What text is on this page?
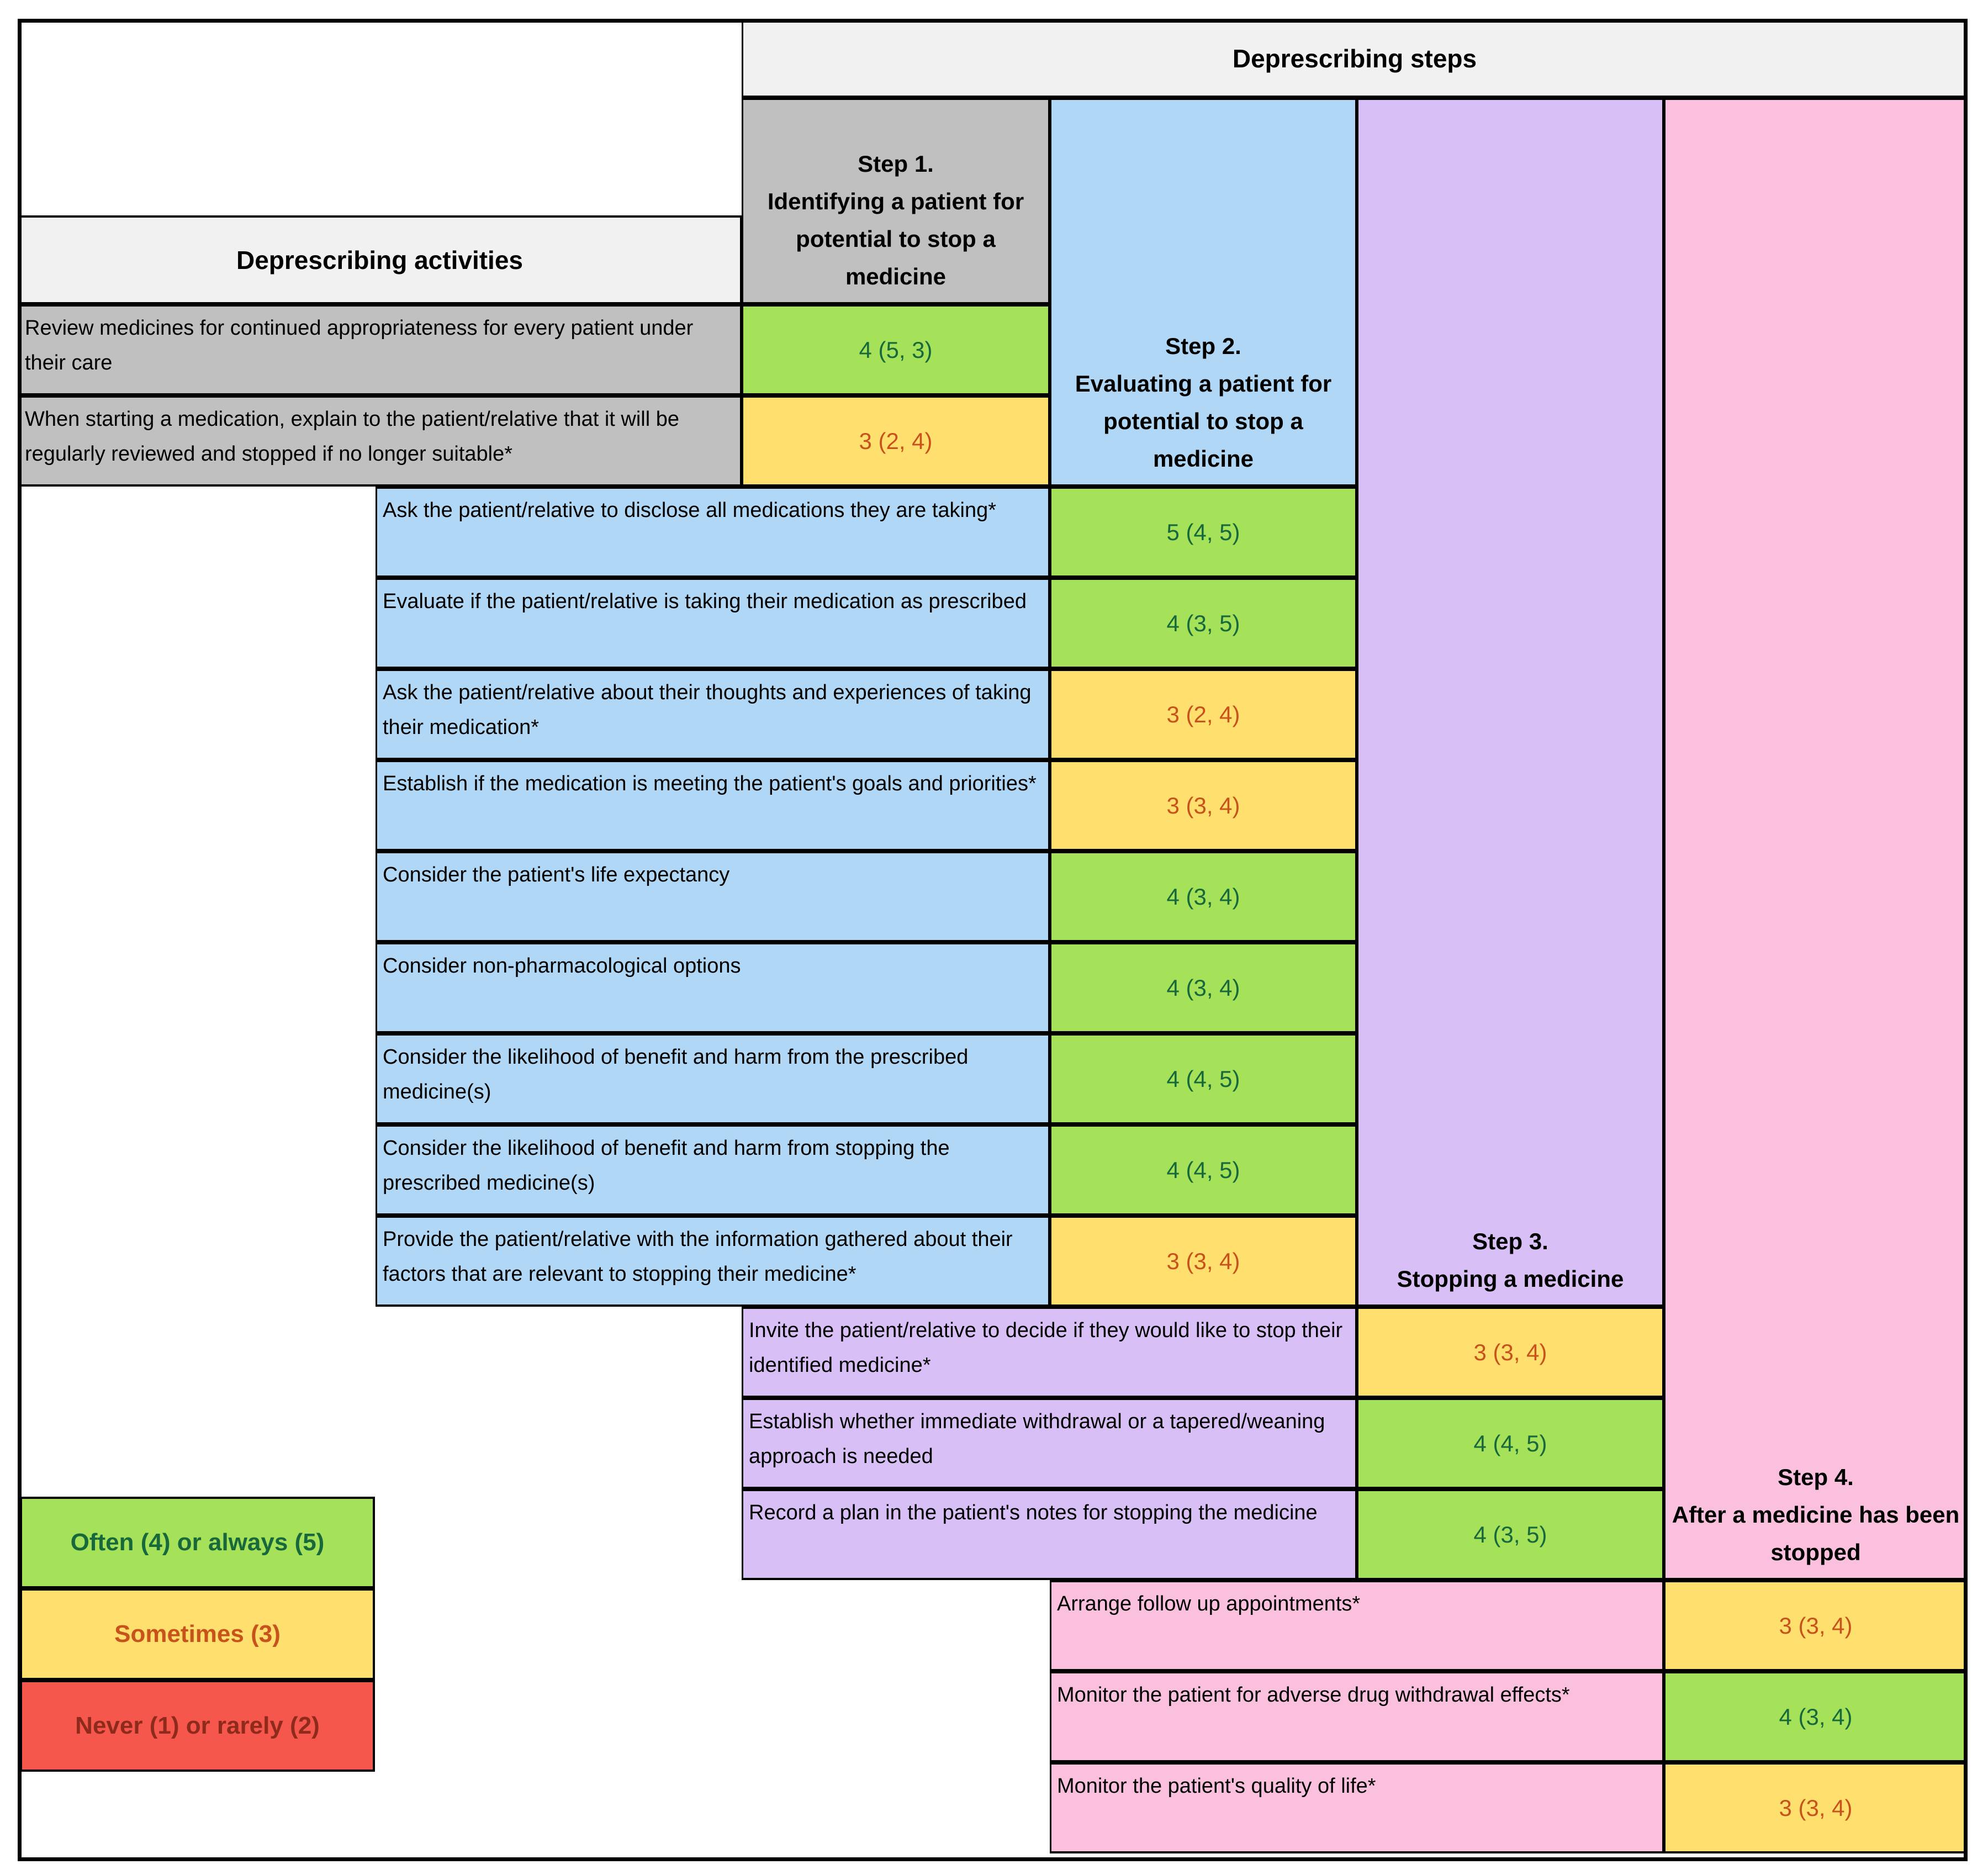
Deprescribing steps
Deprescribing activities
Step 1.
Identifying a patient for potential to stop a medicine
Step 2.
Evaluating a patient for potential to stop a medicine
Step 3.
Stopping a medicine
Step 4.
After a medicine has been stopped
Review medicines for continued appropriateness for every patient under their care
4 (5, 3)
When starting a medication, explain to the patient/relative that it will be regularly reviewed and stopped if no longer suitable*
3 (2, 4)
Ask the patient/relative to disclose all medications they are taking*
5 (4, 5)
Evaluate if the patient/relative is taking their medication as prescribed
4 (3, 5)
Ask the patient/relative about their thoughts and experiences of taking their medication*
3 (2, 4)
Establish if the medication is meeting the patient's goals and priorities*
3 (3, 4)
Consider the patient's life expectancy
4 (3, 4)
Consider non-pharmacological options
4 (3, 4)
Consider the likelihood of benefit and harm from the prescribed medicine(s)
4 (4, 5)
Consider the likelihood of benefit and harm from stopping the prescribed medicine(s)
4 (4, 5)
Provide the patient/relative with the information gathered about their factors that are relevant to stopping their medicine*
3 (3, 4)
Invite the patient/relative to decide if they would like to stop their identified medicine*
3 (3, 4)
Establish whether immediate withdrawal or a tapered/weaning approach is needed
4 (4, 5)
Record a plan in the patient's notes for stopping the medicine
4 (3, 5)
Arrange follow up appointments*
3 (3, 4)
Monitor the patient for adverse drug withdrawal effects*
4 (3, 4)
Monitor the patient's quality of life*
3 (3, 4)
Often (4) or always (5)
Sometimes (3)
Never (1) or rarely (2)
